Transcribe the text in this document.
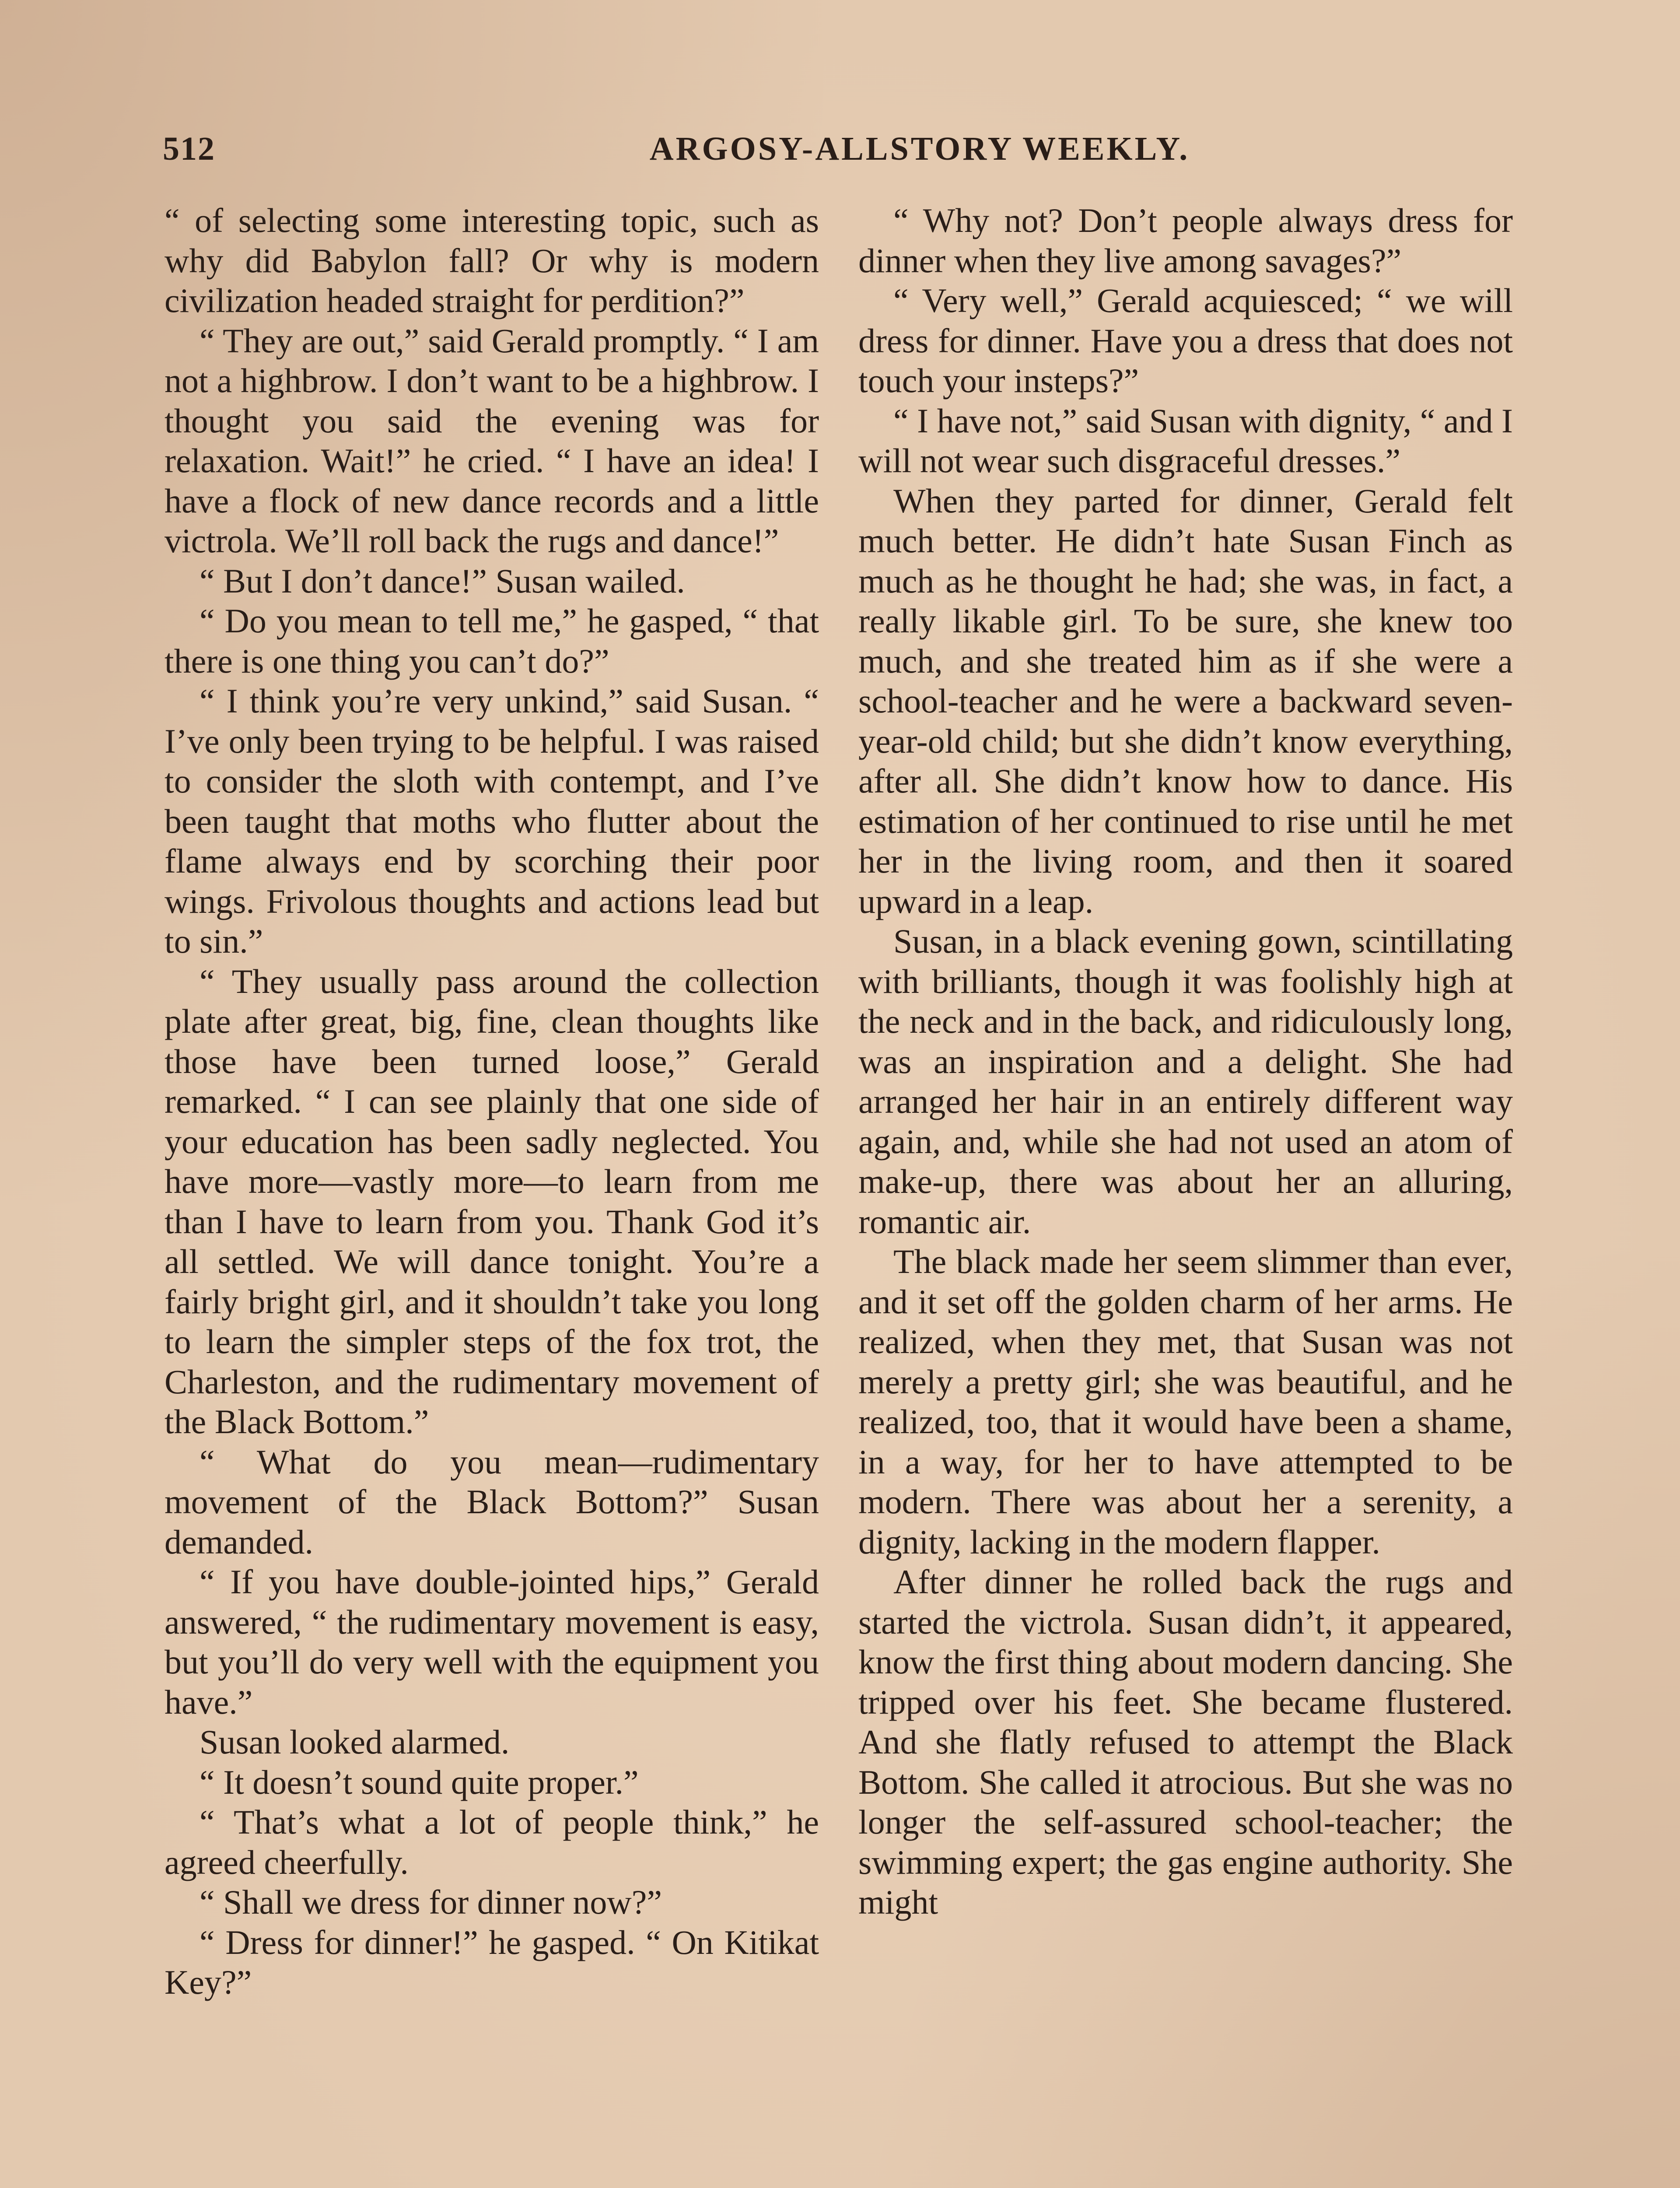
512	ARGOSY-ALLSTORY WEEKLY.

“ of selecting some interesting topic, such as why did Babylon fall? Or why is modern civilization headed straight for perdition?”

“ They are out,” said Gerald promptly. “ I am not a highbrow. I don’t want to be a highbrow. I thought you said the evening was for relaxation. Wait!” he cried. “ I have an idea! I have a flock of new dance records and a little victrola. We’ll roll back the rugs and dance!”

“ But I don’t dance!” Susan wailed.

“ Do you mean to tell me,” he gasped, “ that there is one thing you can’t do?”

“ I think you’re very unkind,” said Susan. “ I’ve only been trying to be helpful. I was raised to consider the sloth with contempt, and I’ve been taught that moths who flutter about the flame always end by scorching their poor wings. Frivolous thoughts and actions lead but to sin.”

“ They usually pass around the collection plate after great, big, fine, clean thoughts like those have been turned loose,” Gerald remarked. “ I can see plainly that one side of your education has been sadly neglected. You have more—vastly more—to learn from me than I have to learn from you. Thank God it’s all settled. We will dance tonight. You’re a fairly bright girl, and it shouldn’t take you long to learn the simpler steps of the fox trot, the Charleston, and the rudimentary movement of the Black Bottom.”

“ What do you mean—rudimentary movement of the Black Bottom?” Susan demanded.

“ If you have double-jointed hips,” Gerald answered, “ the rudimentary movement is easy, but you’ll do very well with the equipment you have.”

Susan looked alarmed.

“ It doesn’t sound quite proper.”

“ That’s what a lot of people think,” he agreed cheerfully.

“ Shall we dress for dinner now?”

“ Dress for dinner!” he gasped. “ On Kitikat Key?”

“ Why not? Don’t people always dress for dinner when they live among savages?”

“ Very well,” Gerald acquiesced; “ we will dress for dinner. Have you a dress that does not touch your insteps?”

“ I have not,” said Susan with dignity, “ and I will not wear such disgraceful dresses.”

When they parted for dinner, Gerald felt much better. He didn’t hate Susan Finch as much as he thought he had; she was, in fact, a really likable girl. To be sure, she knew too much, and she treated him as if she were a school-teacher and he were a backward seven-year-old child; but she didn’t know everything, after all. She didn’t know how to dance. His estimation of her continued to rise until he met her in the living room, and then it soared upward in a leap.

Susan, in a black evening gown, scintillating with brilliants, though it was foolishly high at the neck and in the back, and ridiculously long, was an inspiration and a delight. She had arranged her hair in an entirely different way again, and, while she had not used an atom of make-up, there was about her an alluring, romantic air.

The black made her seem slimmer than ever, and it set off the golden charm of her arms. He realized, when they met, that Susan was not merely a pretty girl; she was beautiful, and he realized, too, that it would have been a shame, in a way, for her to have attempted to be modern. There was about her a serenity, a dignity, lacking in the modern flapper.

After dinner he rolled back the rugs and started the victrola. Susan didn’t, it appeared, know the first thing about modern dancing. She tripped over his feet. She became flustered. And she flatly refused to attempt the Black Bottom. She called it atrocious. But she was no longer the self-assured school-teacher; the swimming expert; the gas engine authority. She might
